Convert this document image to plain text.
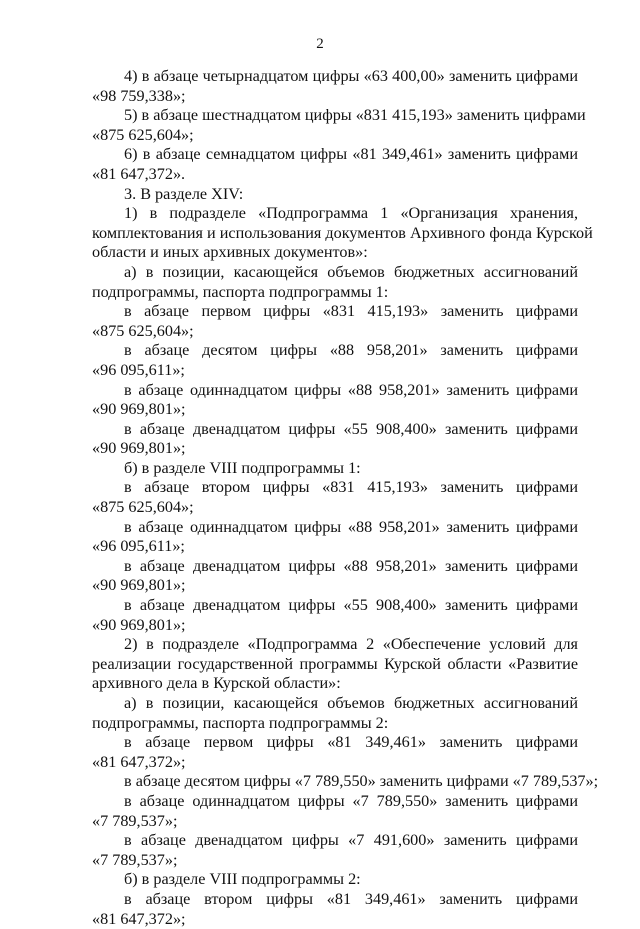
2
4) в абзаце четырнадцатом цифры «63 400,00» заменить цифрами
«98 759,338»;
5) в абзаце шестнадцатом цифры «831 415,193» заменить цифрами
«875 625,604»;
6) в абзаце семнадцатом цифры «81 349,461» заменить цифрами
«81 647,372».
3. В разделе XIV:
1) в подразделе «Подпрограмма 1 «Организация хранения,
комплектования и использования документов Архивного фонда Курской
области и иных архивных документов»:
а) в позиции, касающейся объемов бюджетных ассигнований
подпрограммы, паспорта подпрограммы 1:
в абзаце первом цифры «831 415,193» заменить цифрами
«875 625,604»;
в абзаце десятом цифры «88 958,201» заменить цифрами
«96 095,611»;
в абзаце одиннадцатом цифры «88 958,201» заменить цифрами
«90 969,801»;
в абзаце двенадцатом цифры «55 908,400» заменить цифрами
«90 969,801»;
б) в разделе VIII подпрограммы 1:
в абзаце втором цифры «831 415,193» заменить цифрами
«875 625,604»;
в абзаце одиннадцатом цифры «88 958,201» заменить цифрами
«96 095,611»;
в абзаце двенадцатом цифры «88 958,201» заменить цифрами
«90 969,801»;
в абзаце двенадцатом цифры «55 908,400» заменить цифрами
«90 969,801»;
2) в подразделе «Подпрограмма 2 «Обеспечение условий для
реализации государственной программы Курской области «Развитие
архивного дела в Курской области»:
а) в позиции, касающейся объемов бюджетных ассигнований
подпрограммы, паспорта подпрограммы 2:
в абзаце первом цифры «81 349,461» заменить цифрами
«81 647,372»;
в абзаце десятом цифры «7 789,550» заменить цифрами «7 789,537»;
в абзаце одиннадцатом цифры «7 789,550» заменить цифрами
«7 789,537»;
в абзаце двенадцатом цифры «7 491,600» заменить цифрами
«7 789,537»;
б) в разделе VIII подпрограммы 2:
в абзаце втором цифры «81 349,461» заменить цифрами
«81 647,372»;
